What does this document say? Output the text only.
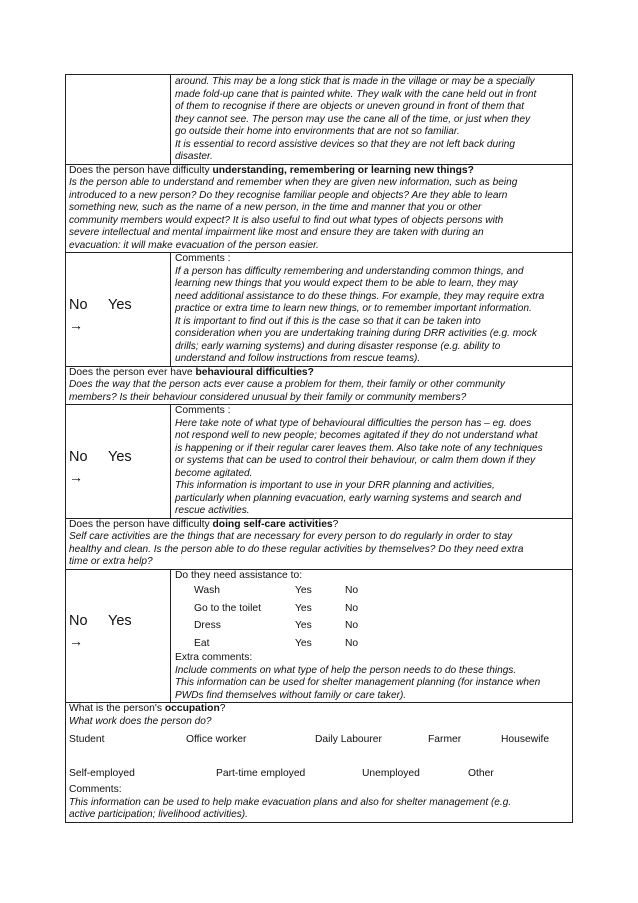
around. This may be a long stick that is made in the village or may be a specially
made fold-up cane that is painted white. They walk with the cane held out in front
of them to recognise if there are objects or uneven ground in front of them that
they cannot see. The person may use the cane all of the time, or just when they
go outside their home into environments that are not so familiar.
It is essential to record assistive devices so that they are not left back during
disaster.
Does the person have difficulty understanding, remembering or learning new things?
Is the person able to understand and remember when they are given new information, such as being
introduced to a new person? Do they recognise familiar people and objects? Are they able to learn
something new, such as the name of a new person, in the time and manner that you or other
community members would expect? It is also useful to find out what types of objects persons with
severe intellectual and mental impairment like most and ensure they are taken with during an
evacuation: it will make evacuation of the person easier.
No Yes
→
Comments :
If a person has difficulty remembering and understanding common things, and
learning new things that you would expect them to be able to learn, they may
need additional assistance to do these things. For example, they may require extra
practice or extra time to learn new things, or to remember important information.
It is important to find out if this is the case so that it can be taken into
consideration when you are undertaking training during DRR activities (e.g. mock
drills; early warning systems) and during disaster response (e.g. ability to
understand and follow instructions from rescue teams).
Does the person ever have behavioural difficulties?
Does the way that the person acts ever cause a problem for them, their family or other community
members? Is their behaviour considered unusual by their family or community members?
No Yes
→
Comments :
Here take note of what type of behavioural difficulties the person has – eg. does
not respond well to new people; becomes agitated if they do not understand what
is happening or if their regular carer leaves them. Also take note of any techniques
or systems that can be used to control their behaviour, or calm them down if they
become agitated.
This information is important to use in your DRR planning and activities,
particularly when planning evacuation, early warning systems and search and
rescue activities.
Does the person have difficulty doing self-care activities?
Self care activities are the things that are necessary for every person to do regularly in order to stay
healthy and clean. Is the person able to do these regular activities by themselves? Do they need extra
time or extra help?
No Yes
→
Do they need assistance to:
Wash	Yes	No
Go to the toilet	Yes	No
Dress	Yes	No
Eat	Yes	No
Extra comments:
Include comments on what type of help the person needs to do these things.
This information can be used for shelter management planning (for instance when
PWDs find themselves without family or care taker).
What is the person's occupation?
What work does the person do?
Student	Office worker	Daily Labourer	Farmer	Housewife
Self-employed	Part-time employed	Unemployed	Other
Comments:
This information can be used to help make evacuation plans and also for shelter management (e.g.
active participation; livelihood activities).
